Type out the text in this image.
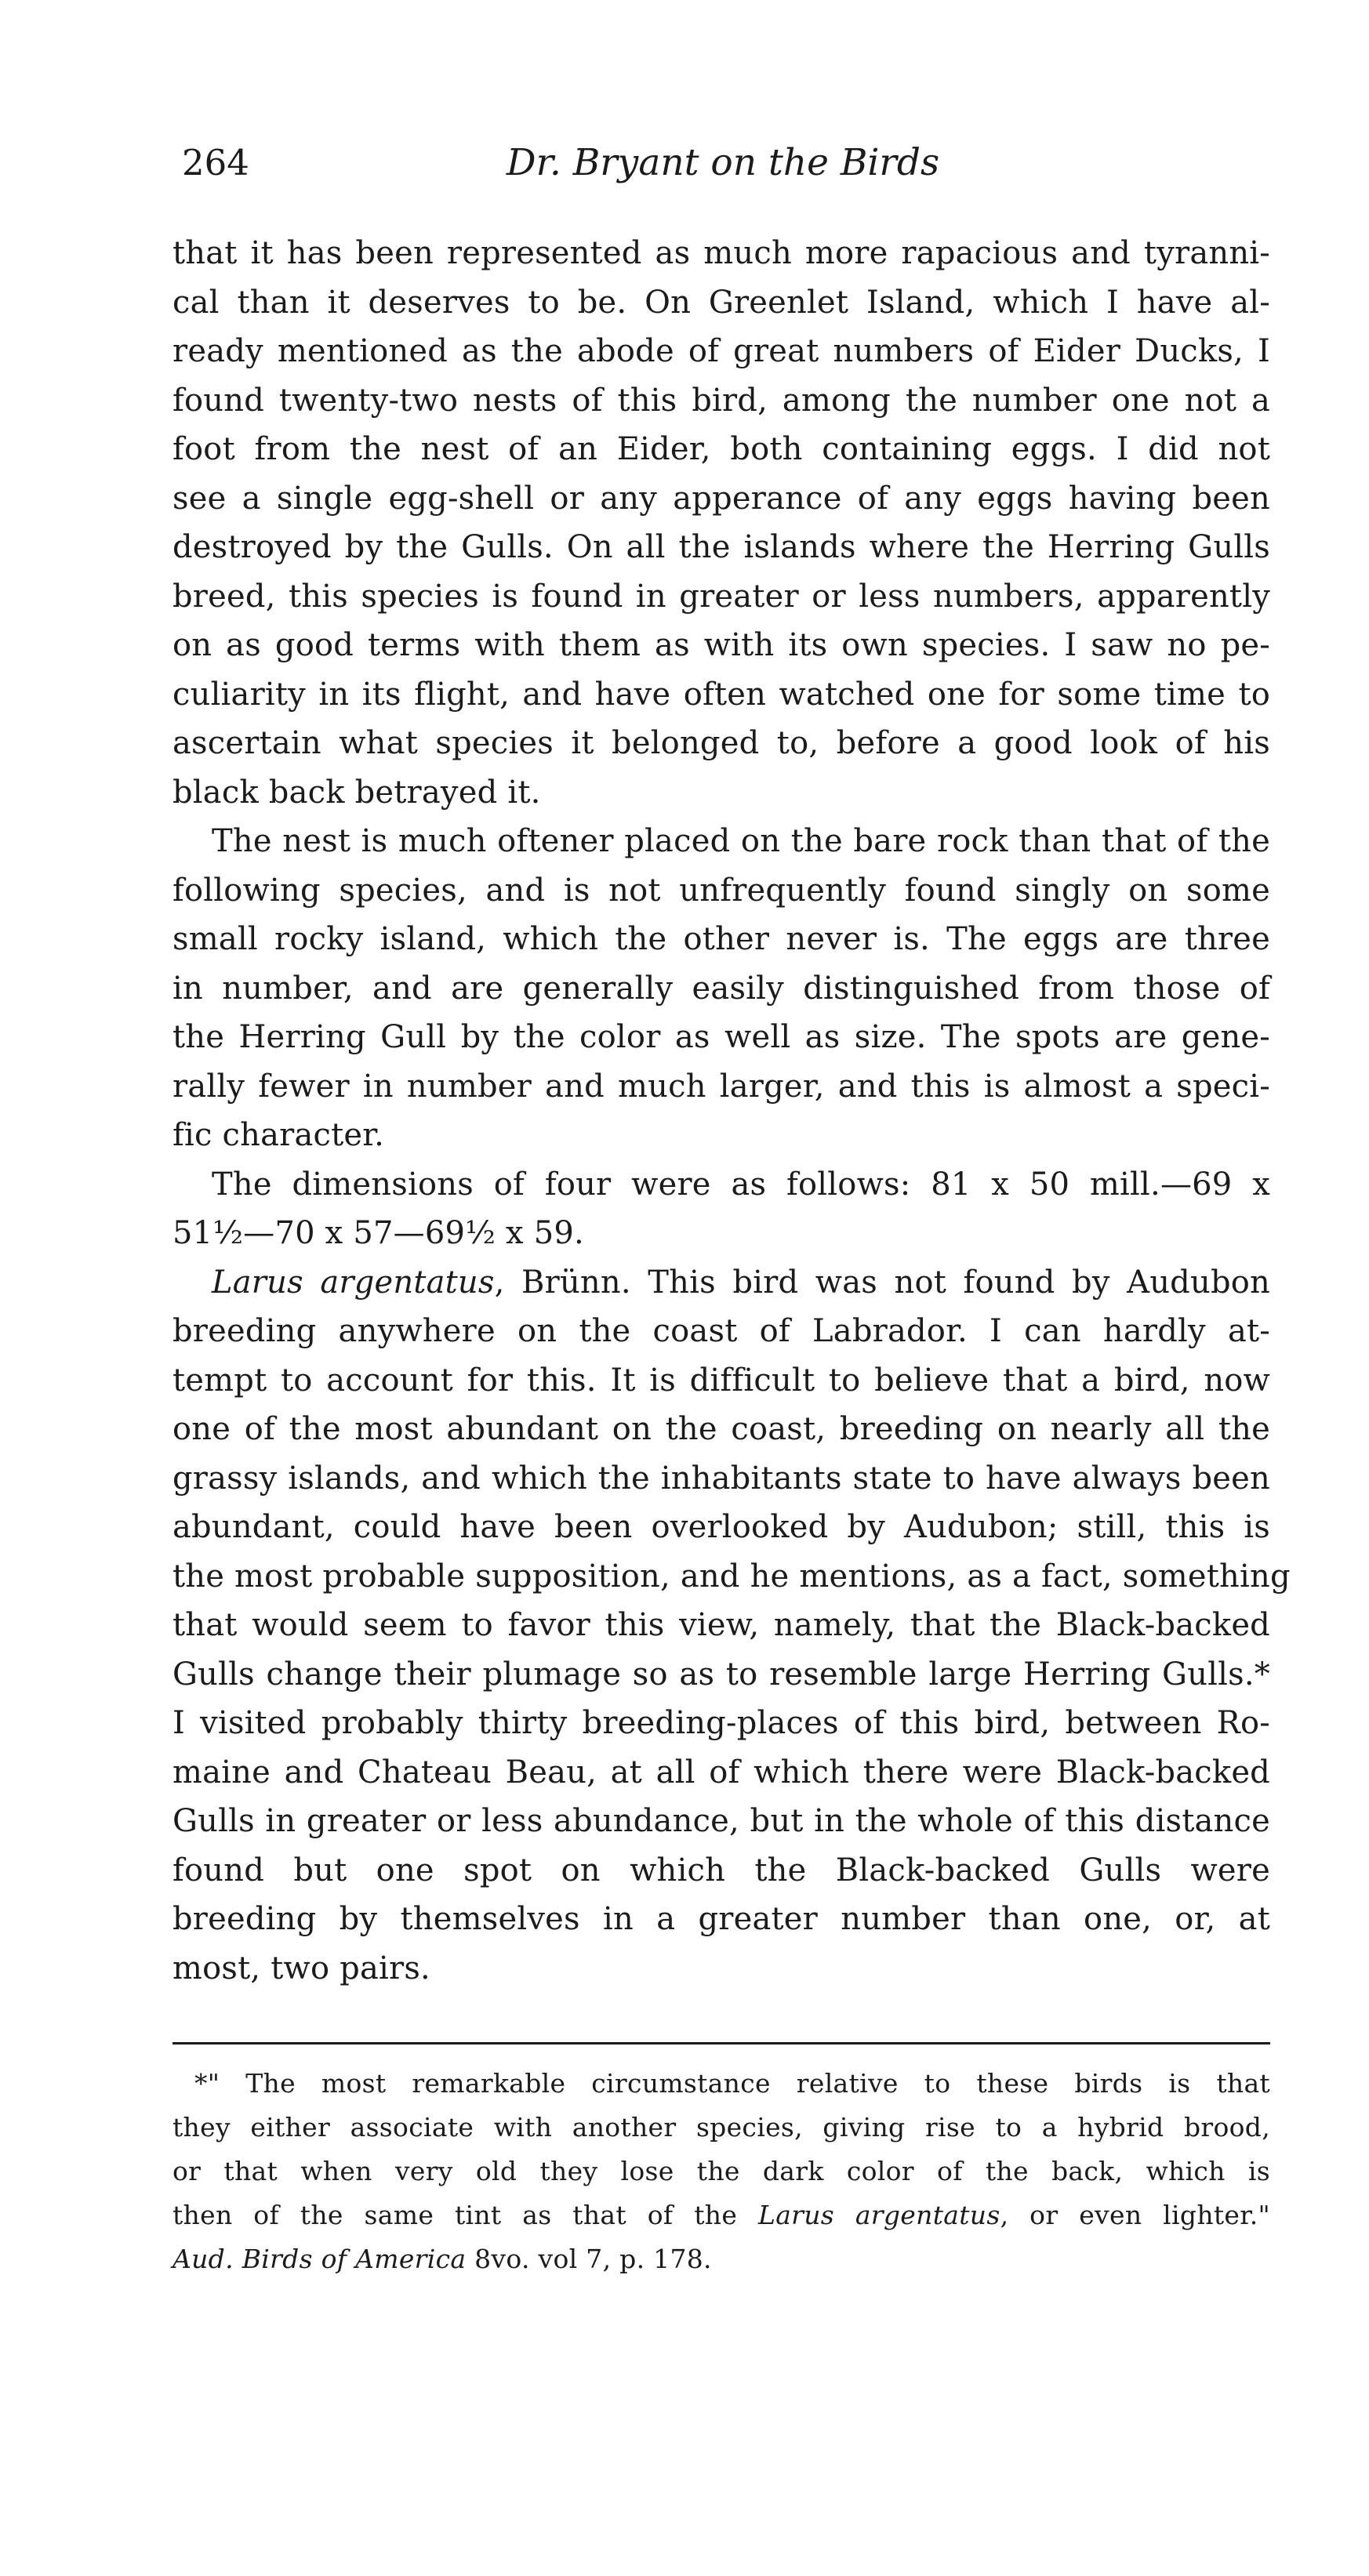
264	Dr. Bryant on the Birds
that it has been represented as much more rapacious and tyranni-
cal than it deserves to be. On Greenlet Island, which I have al-
ready mentioned as the abode of great numbers of Eider Ducks, I
found twenty-two nests of this bird, among the number one not a
foot from the nest of an Eider, both containing eggs. I did not
see a single egg-shell or any apperance of any eggs having been
destroyed by the Gulls. On all the islands where the Herring Gulls
breed, this species is found in greater or less numbers, apparently
on as good terms with them as with its own species. I saw no pe-
culiarity in its flight, and have often watched one for some time to
ascertain what species it belonged to, before a good look of his
black back betrayed it.
The nest is much oftener placed on the bare rock than that of the
following species, and is not unfrequently found singly on some
small rocky island, which the other never is. The eggs are three
in number, and are generally easily distinguished from those of
the Herring Gull by the color as well as size. The spots are gene-
rally fewer in number and much larger, and this is almost a speci-
fic character.
The dimensions of four were as follows: 81 x 50 mill.—69 x
51½—70 x 57—69½ x 59.
Larus argentatus, Brünn. This bird was not found by Audubon
breeding anywhere on the coast of Labrador. I can hardly at-
tempt to account for this. It is difficult to believe that a bird, now
one of the most abundant on the coast, breeding on nearly all the
grassy islands, and which the inhabitants state to have always been
abundant, could have been overlooked by Audubon; still, this is
the most probable supposition, and he mentions, as a fact, something
that would seem to favor this view, namely, that the Black-backed
Gulls change their plumage so as to resemble large Herring Gulls.*
I visited probably thirty breeding-places of this bird, between Ro-
maine and Chateau Beau, at all of which there were Black-backed
Gulls in greater or less abundance, but in the whole of this distance
found but one spot on which the Black-backed Gulls were
breeding by themselves in a greater number than one, or, at
most, two pairs.
*" The most remarkable circumstance relative to these birds is that
they either associate with another species, giving rise to a hybrid brood,
or that when very old they lose the dark color of the back, which is
then of the same tint as that of the Larus argentatus, or even lighter."
Aud. Birds of America 8vo. vol 7, p. 178.
